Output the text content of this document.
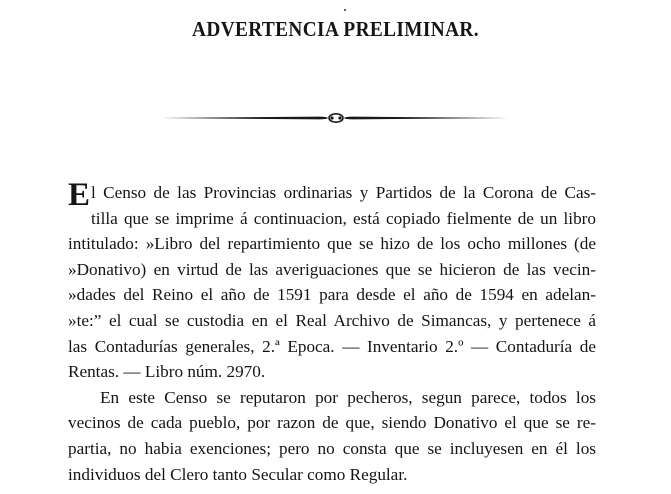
ADVERTENCIA PRELIMINAR.
E l Censo de las Provincias ordinarias y Partidos de la Corona de Cas-
tilla que se imprime á continuacion, está copiado fielmente de un libro
intitulado: »Libro del repartimiento que se hizo de los ocho millones (de
»Donativo) en virtud de las averiguaciones que se hicieron de las vecin-
»dades del Reino el año de 1591 para desde el año de 1594 en adelan-
»te:” el cual se custodia en el Real Archivo de Simancas, y pertenece á
las Contadurías generales, 2.ª Epoca. — Inventario 2.º — Contaduría de
Rentas. — Libro núm. 2970.
En este Censo se reputaron por pecheros, segun parece, todos los
vecinos de cada pueblo, por razon de que, siendo Donativo el que se re-
partia, no habia exenciones; pero no consta que se incluyesen en él los
individuos del Clero tanto Secular como Regular.
